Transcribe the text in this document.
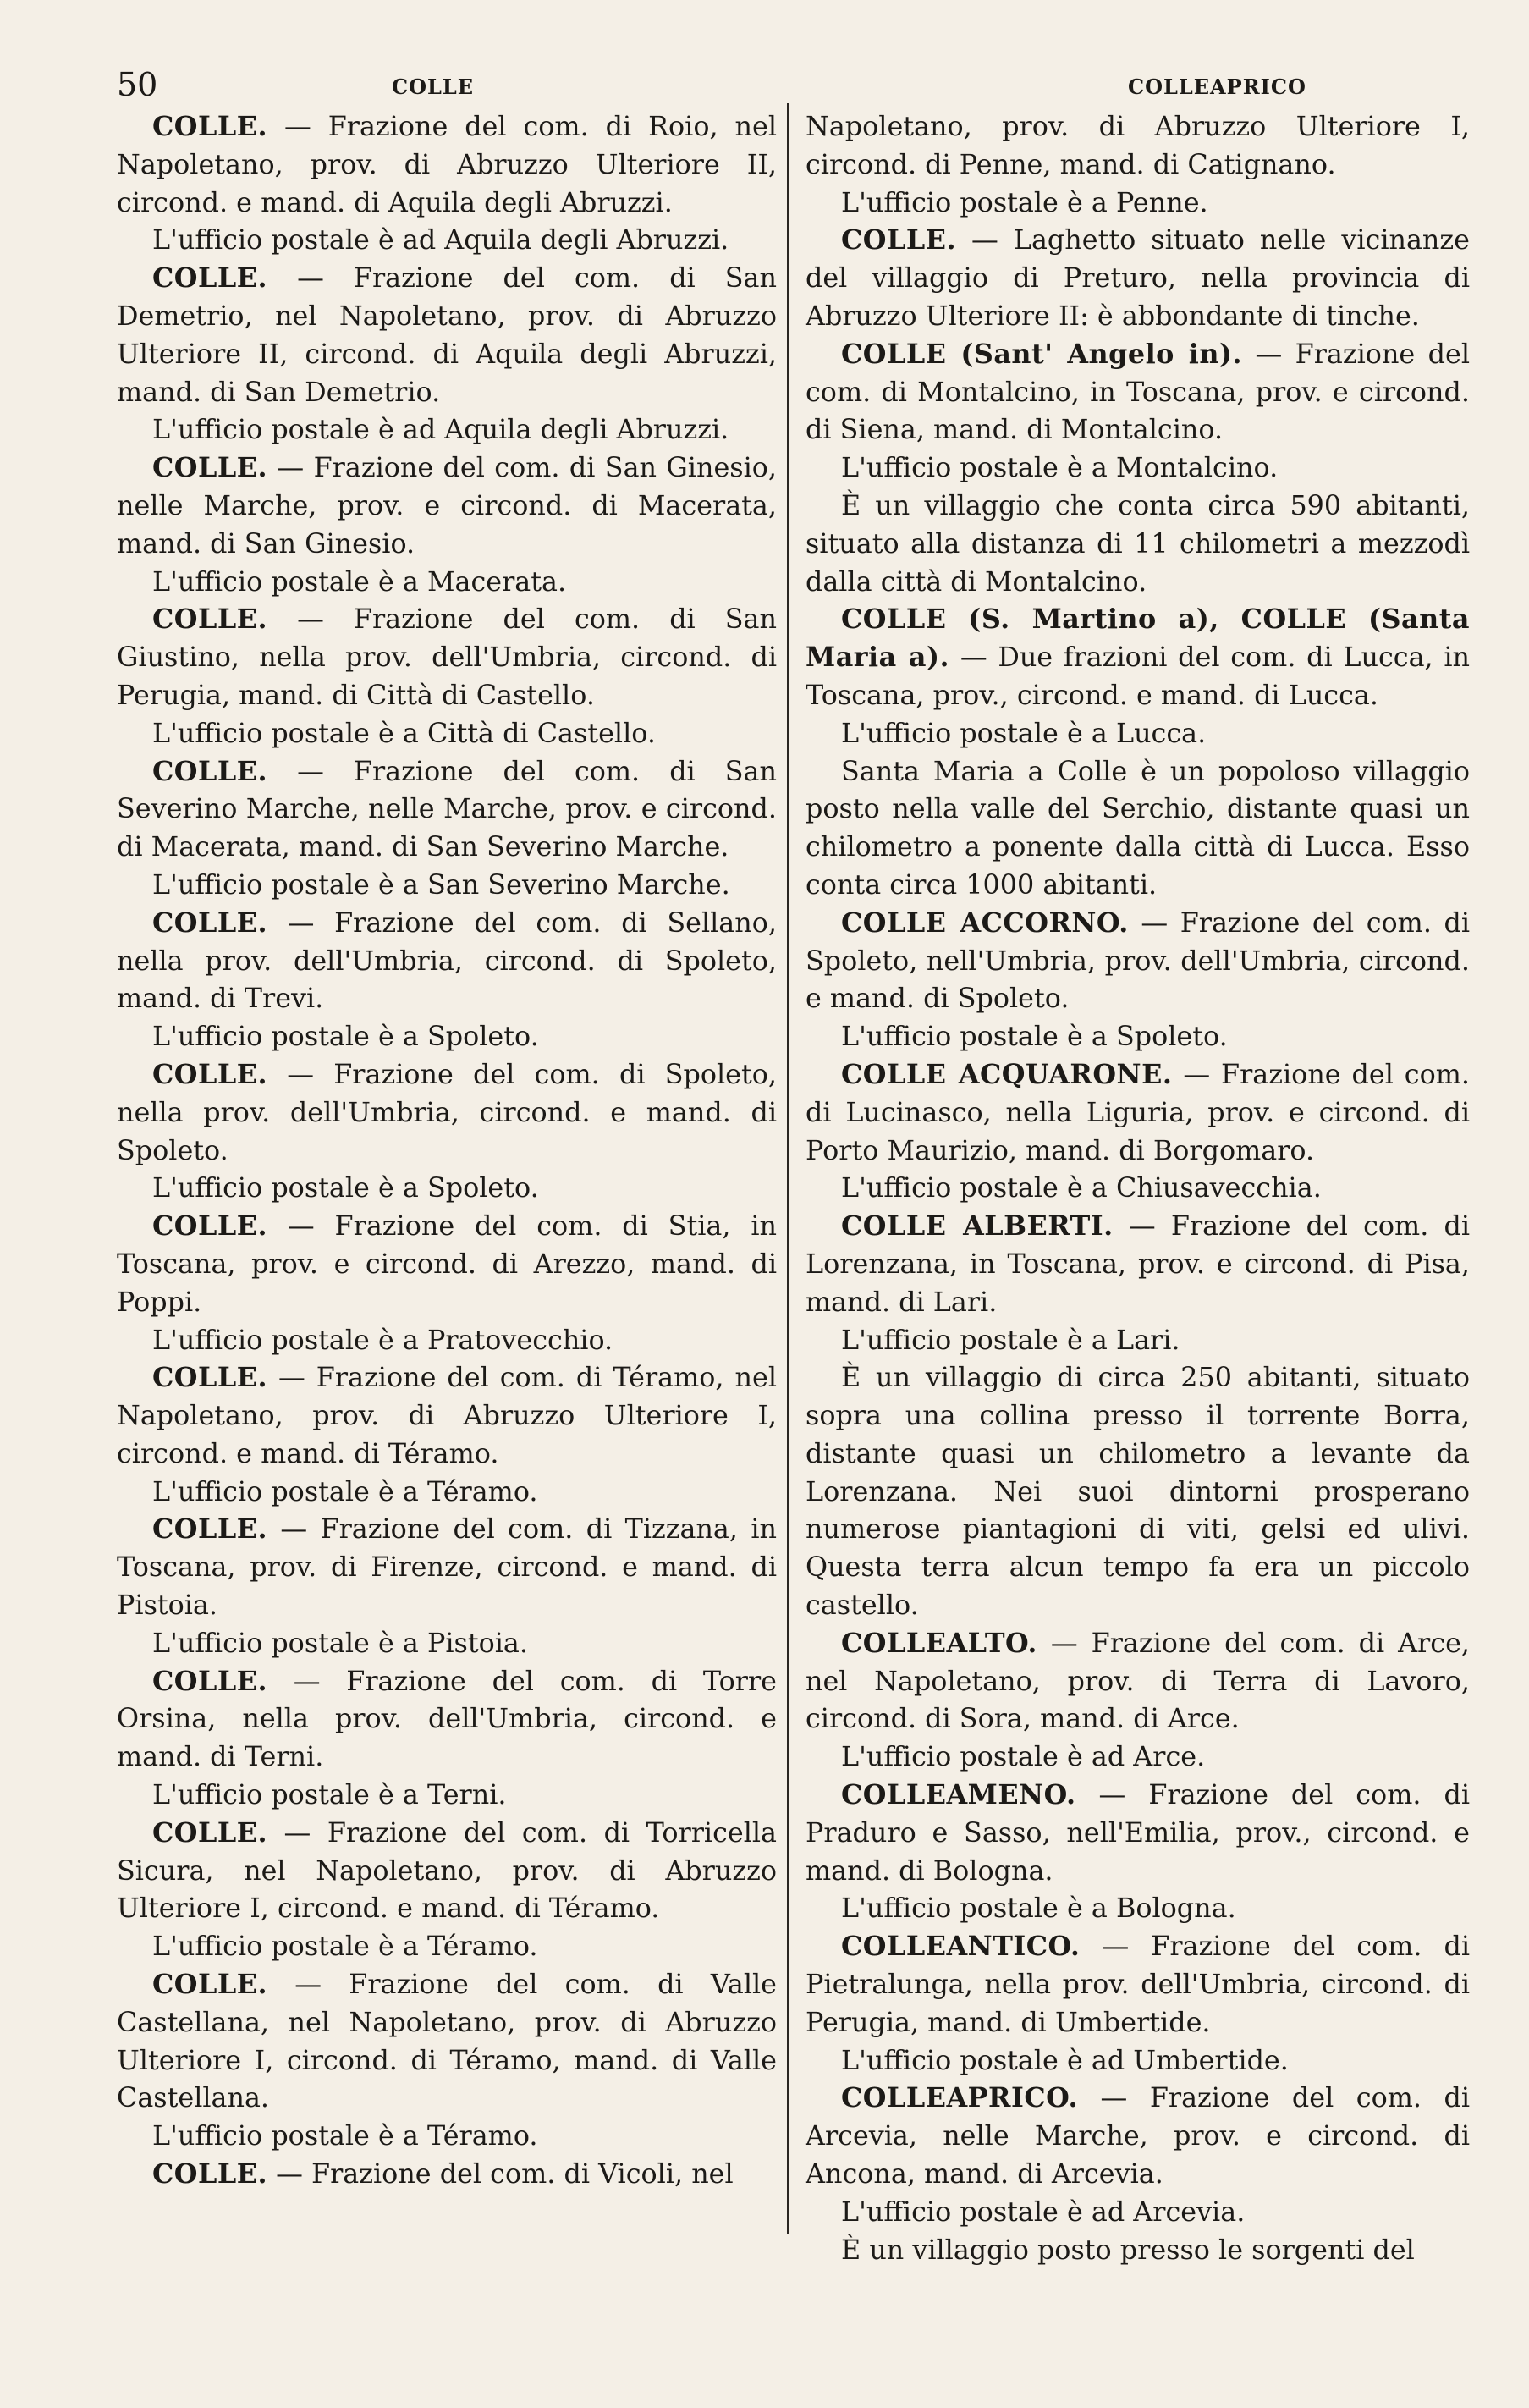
50	COLLE	COLLEAPRICO

COLLE. — Frazione del com. di Roio, nel Napoletano, prov. di Abruzzo Ulteriore II, circond. e mand. di Aquila degli Abruzzi.

L'ufficio postale è ad Aquila degli Abruzzi.

COLLE. — Frazione del com. di San Demetrio, nel Napoletano, prov. di Abruzzo Ulteriore II, circond. di Aquila degli Abruzzi, mand. di San Demetrio.

L'ufficio postale è ad Aquila degli Abruzzi.

COLLE. — Frazione del com. di San Ginesio, nelle Marche, prov. e circond. di Macerata, mand. di San Ginesio.

L'ufficio postale è a Macerata.

COLLE. — Frazione del com. di San Giustino, nella prov. dell'Umbria, circond. di Perugia, mand. di Città di Castello.

L'ufficio postale è a Città di Castello.

COLLE. — Frazione del com. di San Severino Marche, nelle Marche, prov. e circond. di Macerata, mand. di San Severino Marche.

L'ufficio postale è a San Severino Marche.

COLLE. — Frazione del com. di Sellano, nella prov. dell'Umbria, circond. di Spoleto, mand. di Trevi.

L'ufficio postale è a Spoleto.

COLLE. — Frazione del com. di Spoleto, nella prov. dell'Umbria, circond. e mand. di Spoleto.

L'ufficio postale è a Spoleto.

COLLE. — Frazione del com. di Stia, in Toscana, prov. e circond. di Arezzo, mand. di Poppi.

L'ufficio postale è a Pratovecchio.

COLLE. — Frazione del com. di Téramo, nel Napoletano, prov. di Abruzzo Ulteriore I, circond. e mand. di Téramo.

L'ufficio postale è a Téramo.

COLLE. — Frazione del com. di Tizzana, in Toscana, prov. di Firenze, circond. e mand. di Pistoia.

L'ufficio postale è a Pistoia.

COLLE. — Frazione del com. di Torre Orsina, nella prov. dell'Umbria, circond. e mand. di Terni.

L'ufficio postale è a Terni.

COLLE. — Frazione del com. di Torricella Sicura, nel Napoletano, prov. di Abruzzo Ulteriore I, circond. e mand. di Téramo.

L'ufficio postale è a Téramo.

COLLE. — Frazione del com. di Valle Castellana, nel Napoletano, prov. di Abruzzo Ulteriore I, circond. di Téramo, mand. di Valle Castellana.

L'ufficio postale è a Téramo.

COLLE. — Frazione del com. di Vicoli, nel

Napoletano, prov. di Abruzzo Ulteriore I, circond. di Penne, mand. di Catignano.

L'ufficio postale è a Penne.

COLLE. — Laghetto situato nelle vicinanze del villaggio di Preturo, nella provincia di Abruzzo Ulteriore II: è abbondante di tinche.

COLLE (Sant' Angelo in). — Frazione del com. di Montalcino, in Toscana, prov. e circond. di Siena, mand. di Montalcino.

L'ufficio postale è a Montalcino.

È un villaggio che conta circa 590 abitanti, situato alla distanza di 11 chilometri a mezzodì dalla città di Montalcino.

COLLE (S. Martino a), COLLE (Santa Maria a). — Due frazioni del com. di Lucca, in Toscana, prov., circond. e mand. di Lucca.

L'ufficio postale è a Lucca.

Santa Maria a Colle è un popoloso villaggio posto nella valle del Serchio, distante quasi un chilometro a ponente dalla città di Lucca. Esso conta circa 1000 abitanti.

COLLE ACCORNO. — Frazione del com. di Spoleto, nell'Umbria, prov. dell'Umbria, circond. e mand. di Spoleto.

L'ufficio postale è a Spoleto.

COLLE ACQUARONE. — Frazione del com. di Lucinasco, nella Liguria, prov. e circond. di Porto Maurizio, mand. di Borgomaro.

L'ufficio postale è a Chiusavecchia.

COLLE ALBERTI. — Frazione del com. di Lorenzana, in Toscana, prov. e circond. di Pisa, mand. di Lari.

L'ufficio postale è a Lari.

È un villaggio di circa 250 abitanti, situato sopra una collina presso il torrente Borra, distante quasi un chilometro a levante da Lorenzana. Nei suoi dintorni prosperano numerose piantagioni di viti, gelsi ed ulivi. Questa terra alcun tempo fa era un piccolo castello.

COLLEALTO. — Frazione del com. di Arce, nel Napoletano, prov. di Terra di Lavoro, circond. di Sora, mand. di Arce.

L'ufficio postale è ad Arce.

COLLEAMENO. — Frazione del com. di Praduro e Sasso, nell'Emilia, prov., circond. e mand. di Bologna.

L'ufficio postale è a Bologna.

COLLEANTICO. — Frazione del com. di Pietralunga, nella prov. dell'Umbria, circond. di Perugia, mand. di Umbertide.

L'ufficio postale è ad Umbertide.

COLLEAPRICO. — Frazione del com. di Arcevia, nelle Marche, prov. e circond. di Ancona, mand. di Arcevia.

L'ufficio postale è ad Arcevia.

È un villaggio posto presso le sorgenti del
